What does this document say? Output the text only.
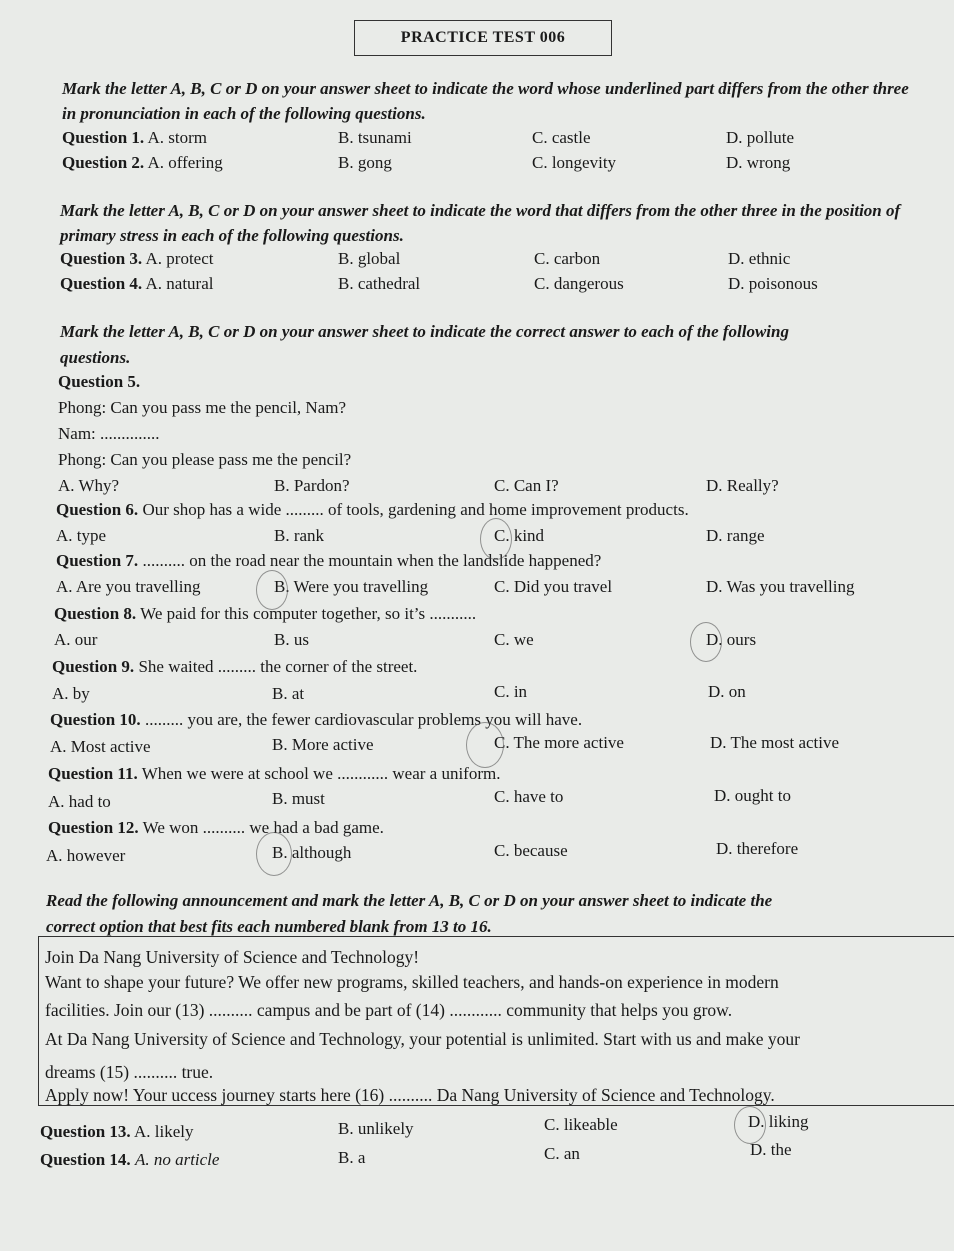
PRACTICE TEST 006

Mark the letter A, B, C or D on your answer sheet to indicate the word whose underlined part differs from the other three in pronunciation in each of the following questions.

Question 1. A. storm	B. tsunami	C. castle	D. pollute
Question 2. A. offering	B. gong	C. longevity	D. wrong

Mark the letter A, B, C or D on your answer sheet to indicate the word that differs from the other three in the position of primary stress in each of the following questions.

Question 3. A. protect	B. global	C. carbon	D. ethnic
Question 4. A. natural	B. cathedral	C. dangerous	D. poisonous
Mark the letter A, B, C or D on your answer sheet to indicate the correct answer to each of the following
questions.
Question 5.
Phong: Can you pass me the pencil, Nam?
Nam: ..............
Phong: Can you please pass me the pencil?
A. Why?	B. Pardon?	C. Can I?	D. Really?
Question 6. Our shop has a wide ......... of tools, gardening and home improvement products.
A. type	B. rank	C. kind	D. range
Question 7. .......... on the road near the mountain when the landslide happened?
A. Are you travelling	B. Were you travelling	C. Did you travel	D. Was you travelling
Question 8. We paid for this computer together, so it’s ...........
A. our	B. us	C. we	D. ours
Question 9. She waited ......... the corner of the street.
A. by	B. at	C. in	D. on
Question 10. ......... you are, the fewer cardiovascular problems you will have.
A. Most active	B. More active	C. The more active	D. The most active
Question 11. When we were at school we ............ wear a uniform.
A. had to	B. must	C. have to	D. ought to
Question 12. We won .......... we had a bad game.
A. however	B. although	C. because	D. therefore
Read the following announcement and mark the letter A, B, C or D on your answer sheet to indicate the
correct option that best fits each numbered blank from 13 to 16.
Join Da Nang University of Science and Technology!
Want to shape your future? We offer new programs, skilled teachers, and hands-on experience in modern
facilities. Join our (13) .......... campus and be part of (14) ............ community that helps you grow.
At Da Nang University of Science and Technology, your potential is unlimited. Start with us and make your
dreams (15) .......... true.
Apply now! Your uccess journey starts here (16) .......... Da Nang University of Science and Technology.
Question 13. A. likely	B. unlikely	C. likeable	D. liking
Question 14. A. no article	B. a	C. an	D. the
